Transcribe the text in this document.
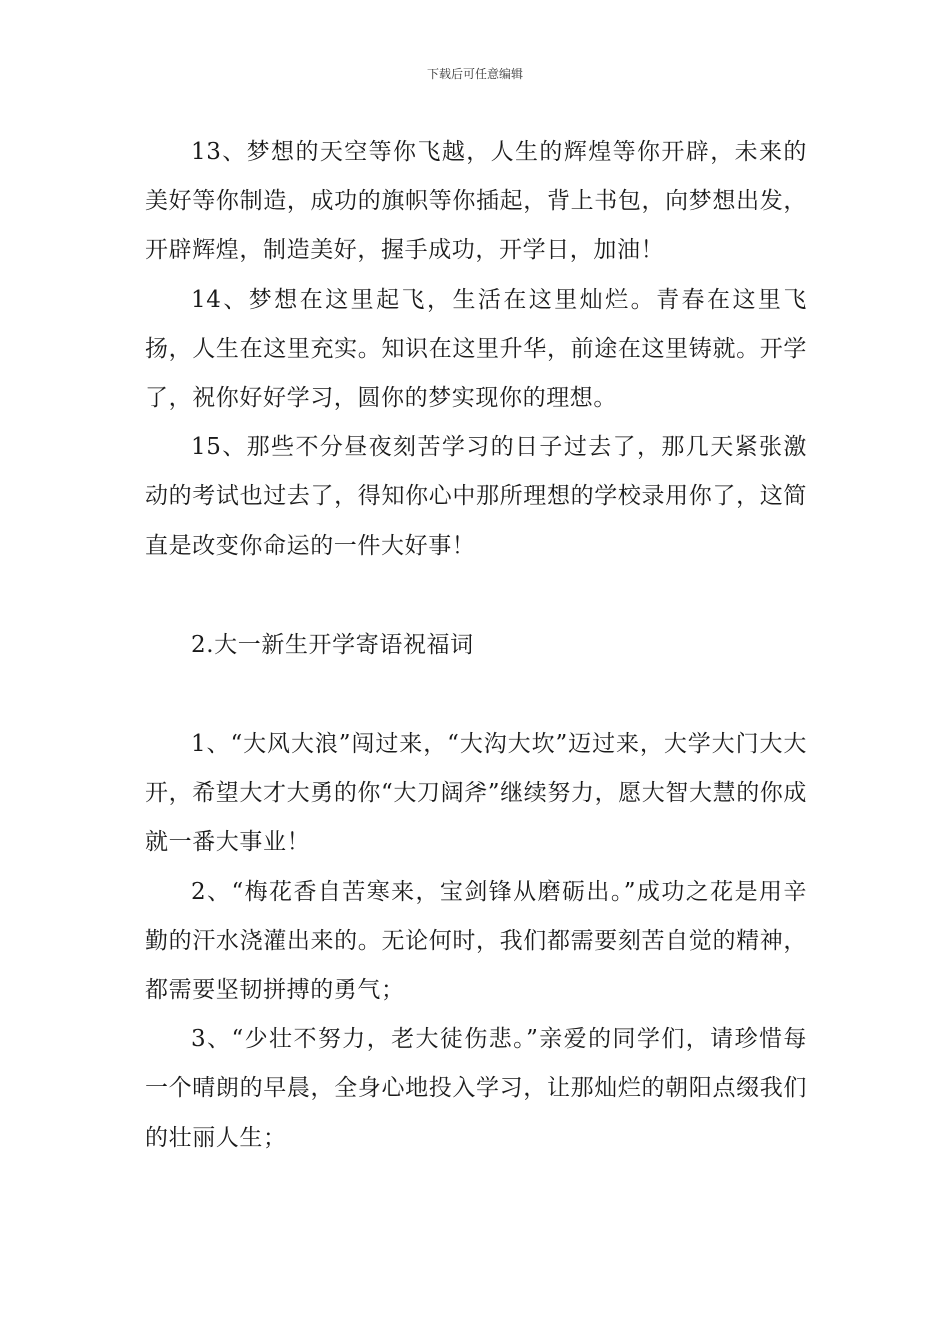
下载后可任意编辑

13、梦想的天空等你飞越，人生的辉煌等你开辟，未来的美好等你制造，成功的旗帜等你插起，背上书包，向梦想出发，开辟辉煌，制造美好，握手成功，开学日，加油！

14、梦想在这里起飞，生活在这里灿烂。青春在这里飞扬，人生在这里充实。知识在这里升华，前途在这里铸就。开学了，祝你好好学习，圆你的梦实现你的理想。

15、那些不分昼夜刻苦学习的日子过去了，那几天紧张激动的考试也过去了，得知你心中那所理想的学校录用你了，这简直是改变你命运的一件大好事！

2.大一新生开学寄语祝福词

1、“大风大浪”闯过来，“大沟大坎”迈过来，大学大门大大开，希望大才大勇的你“大刀阔斧”继续努力，愿大智大慧的你成就一番大事业！

2、“梅花香自苦寒来，宝剑锋从磨砺出。”成功之花是用辛勤的汗水浇灌出来的。无论何时，我们都需要刻苦自觉的精神，都需要坚韧拼搏的勇气；

3、“少壮不努力，老大徒伤悲。”亲爱的同学们，请珍惜每一个晴朗的早晨，全身心地投入学习，让那灿烂的朝阳点缀我们的壮丽人生；
